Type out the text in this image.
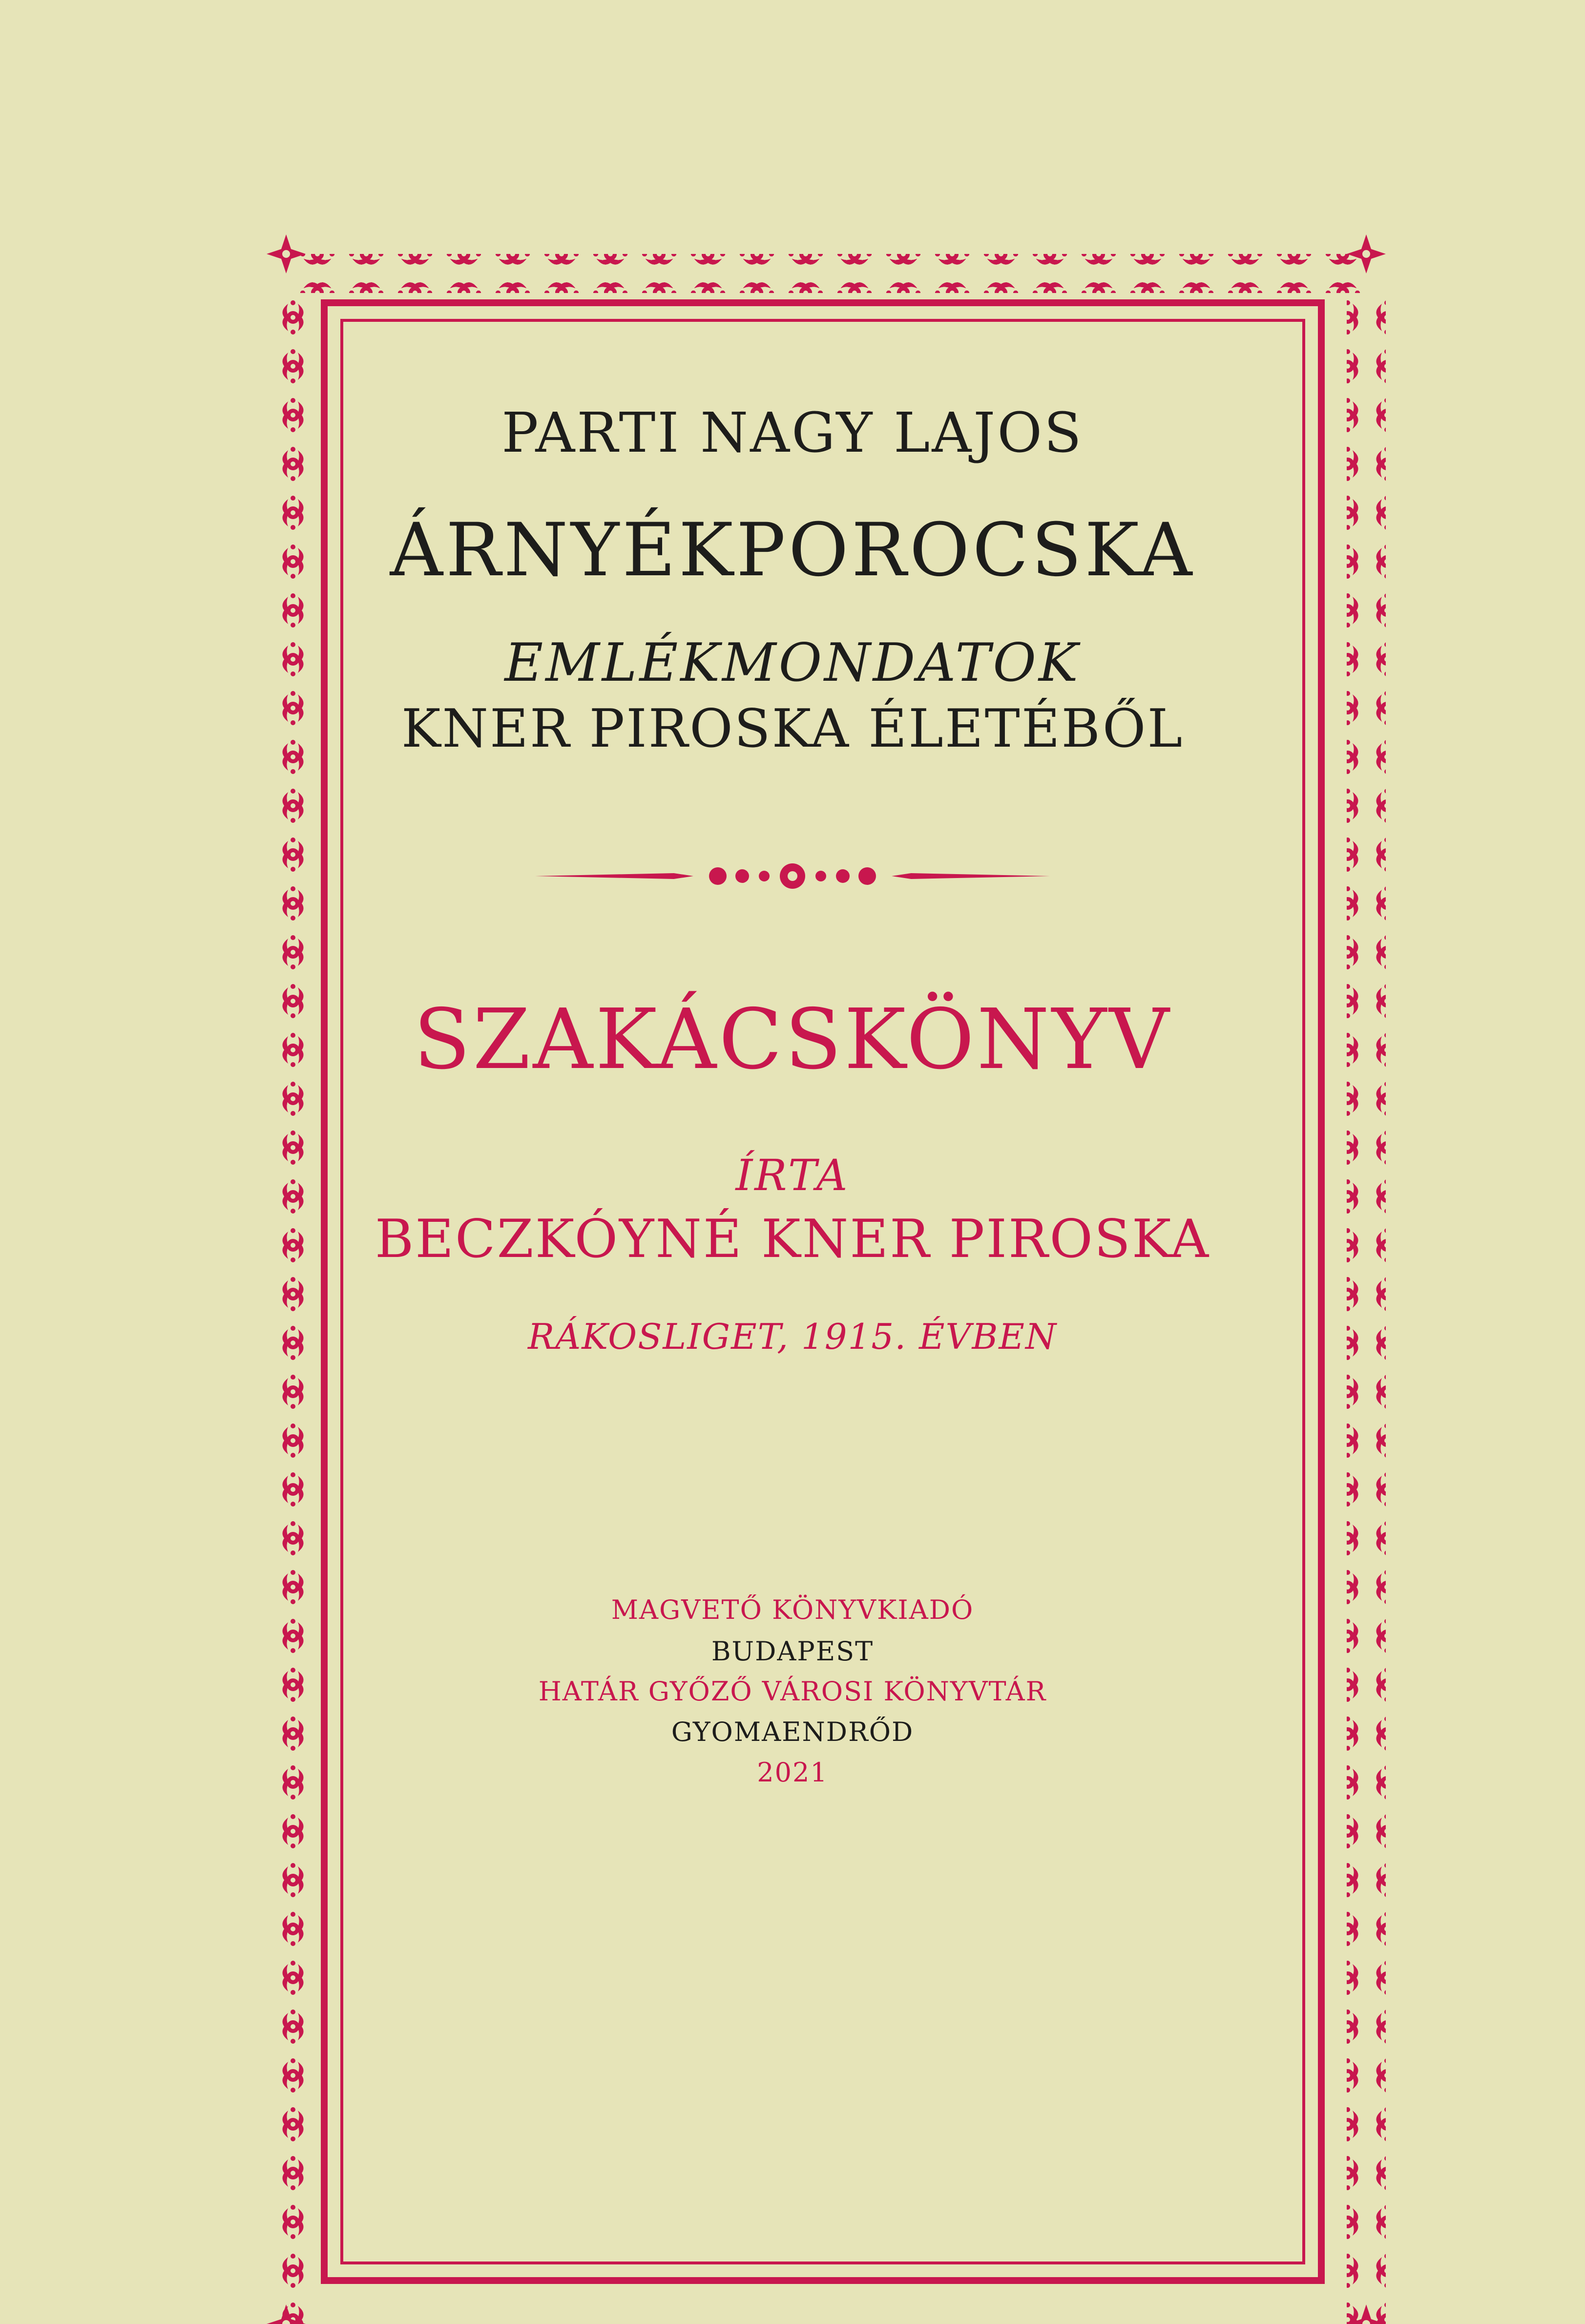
PARTI NAGY LAJOS
ÁRNYÉKPOROCSKA
EMLÉKMONDATOK
KNER PIROSKA ÉLETÉBŐL
SZAKÁCSKÖNYV
ÍRTA
BECZKÓYNÉ KNER PIROSKA
RÁKOSLIGET, 1915. ÉVBEN
MAGVETŐ KÖNYVKIADÓ
BUDAPEST
HATÁR GYŐZŐ VÁROSI KÖNYVTÁR
GYOMAENDRŐD
2021
